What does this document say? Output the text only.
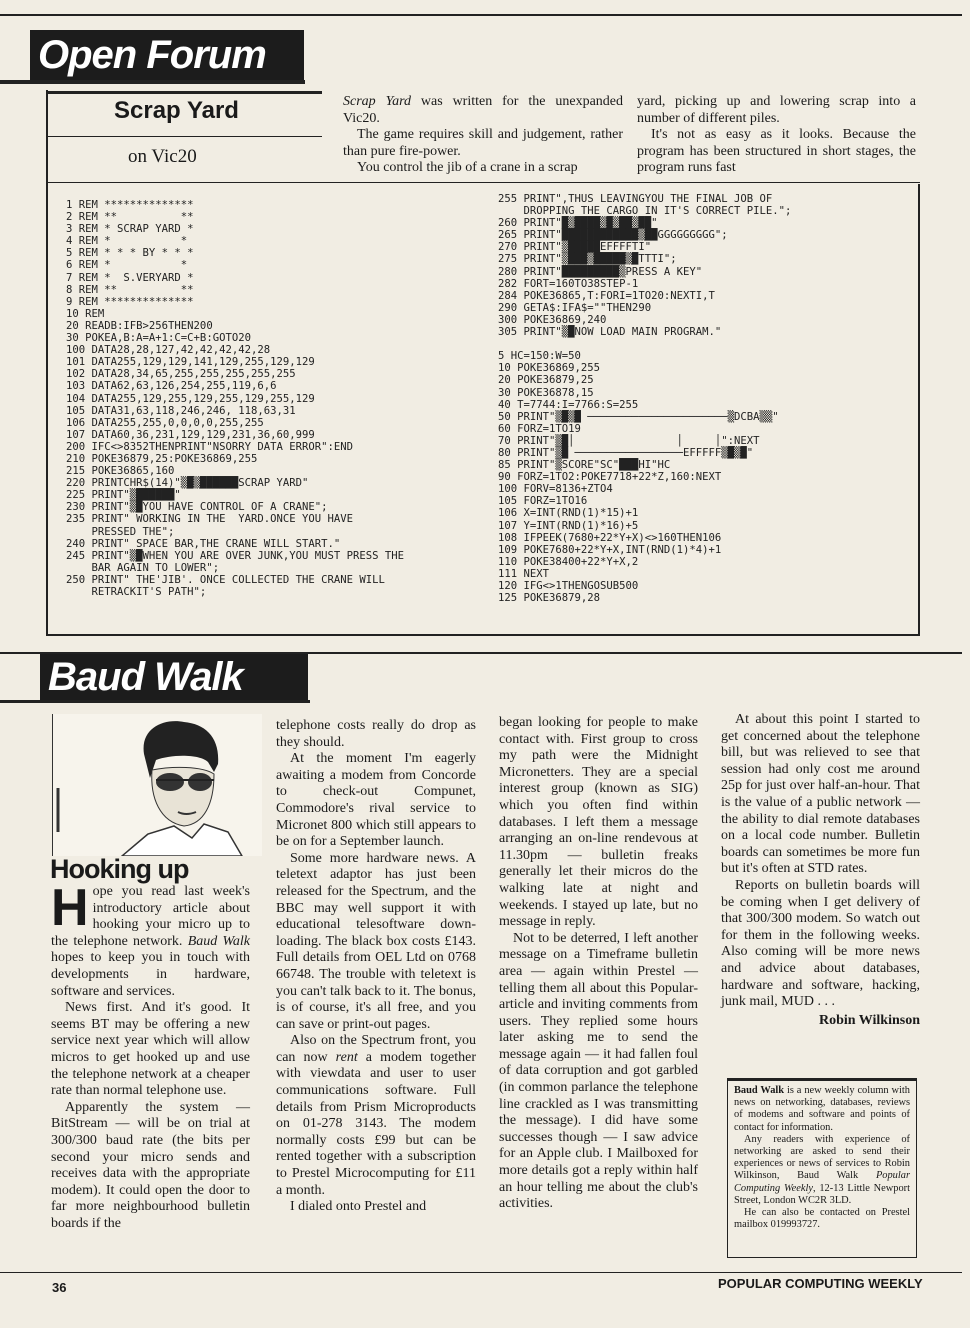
Open Forum
Scrap Yard
on Vic20

Scrap Yard was written for the unexpanded Vic20.

The game requires skill and judgement, rather than pure fire-power.

You control the jib of a crane in a scrap

yard, picking up and lowering scrap into a number of different piles.

It's not as easy as it looks. Because the program has been structured in short stages, the program runs fast

1 REM **************
2 REM **          **
3 REM * SCRAP YARD *
4 REM *           *
5 REM * * * BY * * *
6 REM *           *
7 REM *  S.VERYARD *
8 REM **          **
9 REM **************
10 REM
20 READB:IFB>256THEN200
30 POKEA,B:A=A+1:C=C+B:GOTO20
100 DATA28,28,127,42,42,42,42,28
101 DATA255,129,129,141,129,255,129,129
102 DATA28,34,65,255,255,255,255,255
103 DATA62,63,126,254,255,119,6,6
104 DATA255,129,255,129,255,129,255,129
105 DATA31,63,118,246,246, 118,63,31
106 DATA255,255,0,0,0,0,255,255
107 DATA60,36,231,129,129,231,36,60,999
200 IFC<>8352THENPRINT"NSORRY DATA ERROR":END
210 POKE36879,25:POKE36869,255
215 POKE36865,160
220 PRINTCHR$(14)"▒█▒██████SCRAP YARD"
225 PRINT"▒██████"
230 PRINT"▒█YOU HAVE CONTROL OF A CRANE";
235 PRINT" WORKING IN THE  YARD.ONCE YOU HAVE
PRESSED THE";
240 PRINT" SPACE BAR,THE CRANE WILL START."
245 PRINT"▒█WHEN YOU ARE OVER JUNK,YOU MUST PRESS THE
BAR AGAIN TO LOWER";
250 PRINT" THE'JIB'. ONCE COLLECTED THE CRANE WILL
RETRACKIT'S PATH";
255 PRINT",THUS LEAVINGYOU THE FINAL JOB OF
DROPPING THE CARGO IN IT'S CORRECT PILE.";
260 PRINT"█▒████▒█▒██▒██"
265 PRINT"████████████▒██GGGGGGGGG";
270 PRINT"▒█████EFFFFTI"
275 PRINT"▒███▒█████▒█TTTI";
280 PRINT"█████████▒PRESS A KEY"
282 FORT=160TO38STEP-1
284 POKE36865,T:FORI=1TO20:NEXTI,T
290 GETA$:IFA$=""THEN290
300 POKE36869,240
305 PRINT"▒█NOW LOAD MAIN PROGRAM."

5 HC=150:W=50
10 POKE36869,255
20 POKE36879,25
30 POKE36878,15
40 T=7744:I=7766:S=255
50 PRINT"▒█▒█ ──────────────────────▒DCBA▒▒"
60 FORZ=1TO19
70 PRINT"▒█│                │     │":NEXT
80 PRINT"▒█ ─────────────────EFFFFF▒█▒█"
85 PRINT"▒SCORE"SC"███HI"HC
90 FORZ=1TO2:POKE7718+22*Z,160:NEXT
100 FORV=8136+ZTO4
105 FORZ=1TO16
106 X=INT(RND(1)*15)+1
107 Y=INT(RND(1)*16)+5
108 IFPEEK(7680+22*Y+X)<>160THEN106
109 POKE7680+22*Y+X,INT(RND(1)*4)+1
110 POKE38400+22*Y+X,2
111 NEXT
120 IFG<>1THENGOSUB500
125 POKE36879,28
Baud Walk
Hooking up
H ope you read last week's introductory article about hooking your micro up to the telephone network. Baud Walk hopes to keep you in touch with developments in hardware, software and services.

News first. And it's good. It seems BT may be offering a new service next year which will allow micros to get hooked up and use the telephone network at a cheaper rate than normal telephone use.

Apparently the system — BitStream — will be on trial at 300/300 baud rate (the bits per second your micro sends and receives data with the appropriate modem). It could open the door to far more neighbourhood bulletin boards if the

telephone costs really do drop as they should.

At the moment I'm eagerly awaiting a modem from Concorde to check-out Compunet, Commodore's rival service to Micronet 800 which still appears to be on for a September launch.

Some more hardware news. A teletext adaptor has just been released for the Spectrum, and the BBC may well support it with educational telesoftware down-loading. The black box costs £143. Full details from OEL Ltd on 0768 66748. The trouble with teletext is you can't talk back to it. The bonus, is of course, it's all free, and you can save or print-out pages.

Also on the Spectrum front, you can now rent a modem together with viewdata and user to user communications software. Full details from Prism Microproducts on 01-278 3143. The modem normally costs £99 but can be rented together with a subscription to Prestel Microcomputing for £11 a month.

I dialed onto Prestel and

began looking for people to make contact with. First group to cross my path were the Midnight Micronetters. They are a special interest group (known as SIG) which you often find within databases. I left them a message arranging an on-line rendevous at 11.30pm — bulletin freaks generally let their micros do the walking late at night and weekends. I stayed up late, but no message in reply.

Not to be deterred, I left another message on a Timeframe bulletin area — again within Prestel — telling them all about this Popular-article and inviting comments from users. They replied some hours later asking me to send the message again — it had fallen foul of data corruption and got garbled (in common parlance the telephone line crackled as I was transmitting the message). I did have some successes though — I saw advice for an Apple club. I Mailboxed for more details got a reply within half an hour telling me about the club's activities.

At about this point I started to get concerned about the telephone bill, but was relieved to see that session had only cost me around 25p for just over half-an-hour. That is the value of a public network — the ability to dial remote databases on a local code number. Bulletin boards can sometimes be more fun but it's often at STD rates.

Reports on bulletin boards will be coming when I get delivery of that 300/300 modem. So watch out for them in the following weeks. Also coming will be more news and advice about databases, hardware and software, hacking, junk mail, MUD . . .

Robin Wilkinson

Baud Walk is a new weekly column with news on networking, databases, reviews of modems and software and points of contact for information.

Any readers with experience of networking are asked to send their experiences or news of services to Robin Wilkinson, Baud Walk Popular Computing Weekly, 12-13 Little Newport Street, London WC2R 3LD.

He can also be contacted on Prestel mailbox 019993727.

36	POPULAR COMPUTING WEEKLY
